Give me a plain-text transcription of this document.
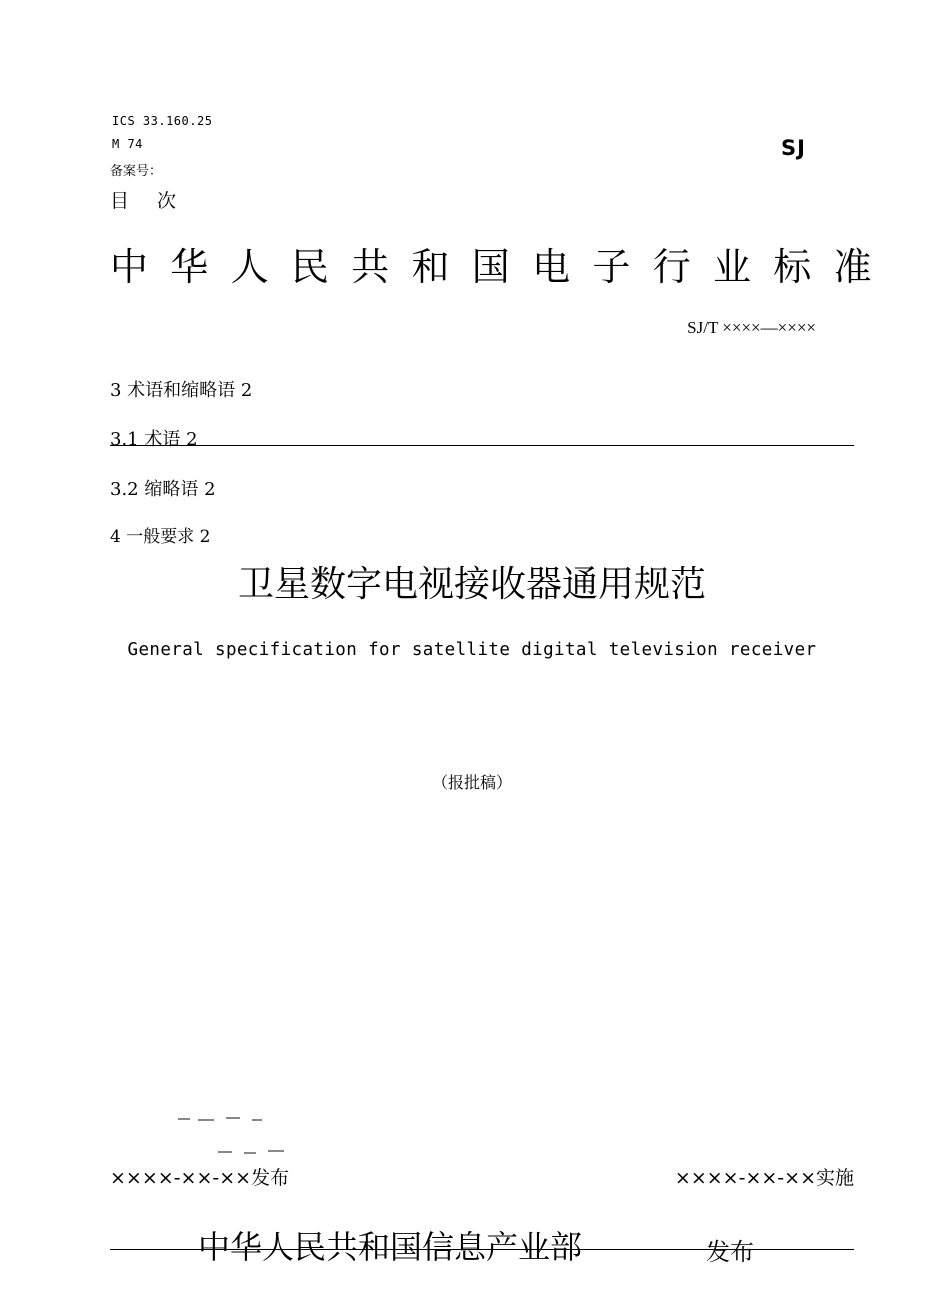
ICS 33.160.25
M 74
备案号：
SJ
目次
中华人民共和国电子行业标准
SJ/T ××××—××××
3 术语和缩略语 2
3.1 术语 2
3.2 缩略语 2
4 一般要求 2
卫星数字电视接收器通用规范
General specification for satellite digital television receiver
（报批稿）
××××-××-××发布	××××-××-××实施
中华人民共和国信息产业部	发布
